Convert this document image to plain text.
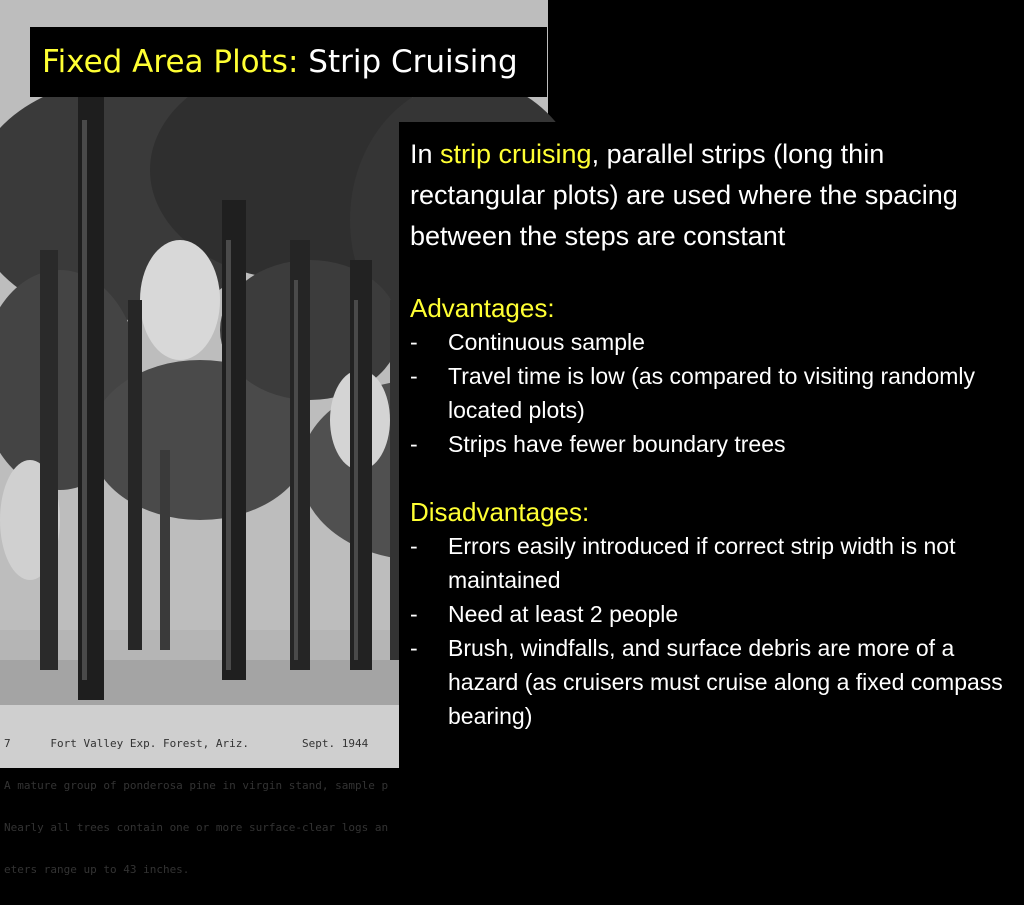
7      Fort Valley Exp. Forest, Ariz.        Sept. 1944

A mature group of ponderosa pine in virgin stand, sample p

Nearly all trees contain one or more surface-clear logs an

eters range up to 43 inches.

Fixed Area Plots: Strip Cruising
In strip cruising, parallel strips (long thin rectangular plots) are used where the spacing between the steps are constant
Advantages:
- Continuous sample
- Travel time is low (as compared to visiting randomly located plots)
- Strips have fewer boundary trees
Disadvantages:
- Errors easily introduced if correct strip width is not maintained
- Need at least 2 people
- Brush, windfalls, and surface debris are more of a hazard (as cruisers must cruise along a fixed compass bearing)
